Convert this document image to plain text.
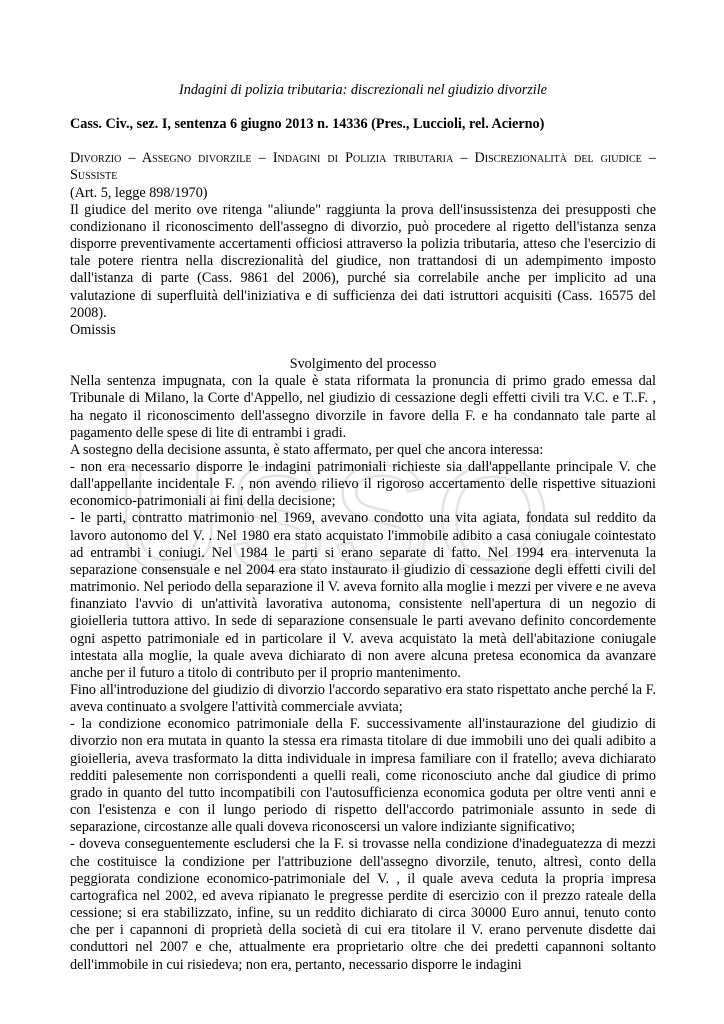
USSO.

Indagini di polizia tributaria: discrezionali nel giudizio divorzile

Cass. Civ., sez. I, sentenza 6 giugno 2013 n. 14336 (Pres., Luccioli, rel. Acierno)

Divorzio – Assegno divorzile – Indagini di Polizia tributaria – Discrezionalità del giudice – Sussiste

(Art. 5, legge 898/1970)

Il giudice del merito ove ritenga "aliunde" raggiunta la prova dell'insussistenza dei presupposti che condizionano il riconoscimento dell'assegno di divorzio, può procedere al rigetto dell'istanza senza disporre preventivamente accertamenti officiosi attraverso la polizia tributaria, atteso che l'esercizio di tale potere rientra nella discrezionalità del giudice, non trattandosi di un adempimento imposto dall'istanza di parte (Cass. 9861 del 2006), purché sia correlabile anche per implicito ad una valutazione di superfluità dell'iniziativa e di sufficienza dei dati istruttori acquisiti (Cass. 16575 del 2008).

Omissis

Svolgimento del processo

Nella sentenza impugnata, con la quale è stata riformata la pronuncia di primo grado emessa dal Tribunale di Milano, la Corte d'Appello, nel giudizio di cessazione degli effetti civili tra V.C. e T..F. , ha negato il riconoscimento dell'assegno divorzile in favore della F. e ha condannato tale parte al pagamento delle spese di lite di entrambi i gradi.

A sostegno della decisione assunta, è stato affermato, per quel che ancora interessa:

- non era necessario disporre le indagini patrimoniali richieste sia dall'appellante principale V. che dall'appellante incidentale F. , non avendo rilievo il rigoroso accertamento delle rispettive situazioni economico-patrimoniali ai fini della decisione;

- le parti, contratto matrimonio nel 1969, avevano condotto una vita agiata, fondata sul reddito da lavoro autonomo del V. . Nel 1980 era stato acquistato l'immobile adibito a casa coniugale cointestato ad entrambi i coniugi. Nel 1984 le parti si erano separate di fatto. Nel 1994 era intervenuta la separazione consensuale e nel 2004 era stato instaurato il giudizio di cessazione degli effetti civili del matrimonio. Nel periodo della separazione il V. aveva fornito alla moglie i mezzi per vivere e ne aveva finanziato l'avvio di un'attività lavorativa autonoma, consistente nell'apertura di un negozio di gioielleria tuttora attivo. In sede di separazione consensuale le parti avevano definito concordemente ogni aspetto patrimoniale ed in particolare il V. aveva acquistato la metà dell'abitazione coniugale intestata alla moglie, la quale aveva dichiarato di non avere alcuna pretesa economica da avanzare anche per il futuro a titolo di contributo per il proprio mantenimento.

Fino all'introduzione del giudizio di divorzio l'accordo separativo era stato rispettato anche perché la F. aveva continuato a svolgere l'attività commerciale avviata;

- la condizione economico patrimoniale della F. successivamente all'instaurazione del giudizio di divorzio non era mutata in quanto la stessa era rimasta titolare di due immobili uno dei quali adibito a gioielleria, aveva trasformato la ditta individuale in impresa familiare con il fratello; aveva dichiarato redditi palesemente non corrispondenti a quelli reali, come riconosciuto anche dal giudice di primo grado in quanto del tutto incompatibili con l'autosufficienza economica goduta per oltre venti anni e con l'esistenza e con il lungo periodo di rispetto dell'accordo patrimoniale assunto in sede di separazione, circostanze alle quali doveva riconoscersi un valore indiziante significativo;

- doveva conseguentemente escludersi che la F. si trovasse nella condizione d'inadeguatezza di mezzi che costituisce la condizione per l'attribuzione dell'assegno divorzile, tenuto, altresì, conto della peggiorata condizione economico-patrimoniale del V. , il quale aveva ceduta la propria impresa cartografica nel 2002, ed aveva ripianato le pregresse perdite di esercizio con il prezzo rateale della cessione; si era stabilizzato, infine, su un reddito dichiarato di circa 30000 Euro annui, tenuto conto che per i capannoni di proprietà della società di cui era titolare il V. erano pervenute disdette dai conduttori nel 2007 e che, attualmente era proprietario oltre che dei predetti capannoni soltanto dell'immobile in cui risiedeva; non era, pertanto, necessario disporre le indagini
